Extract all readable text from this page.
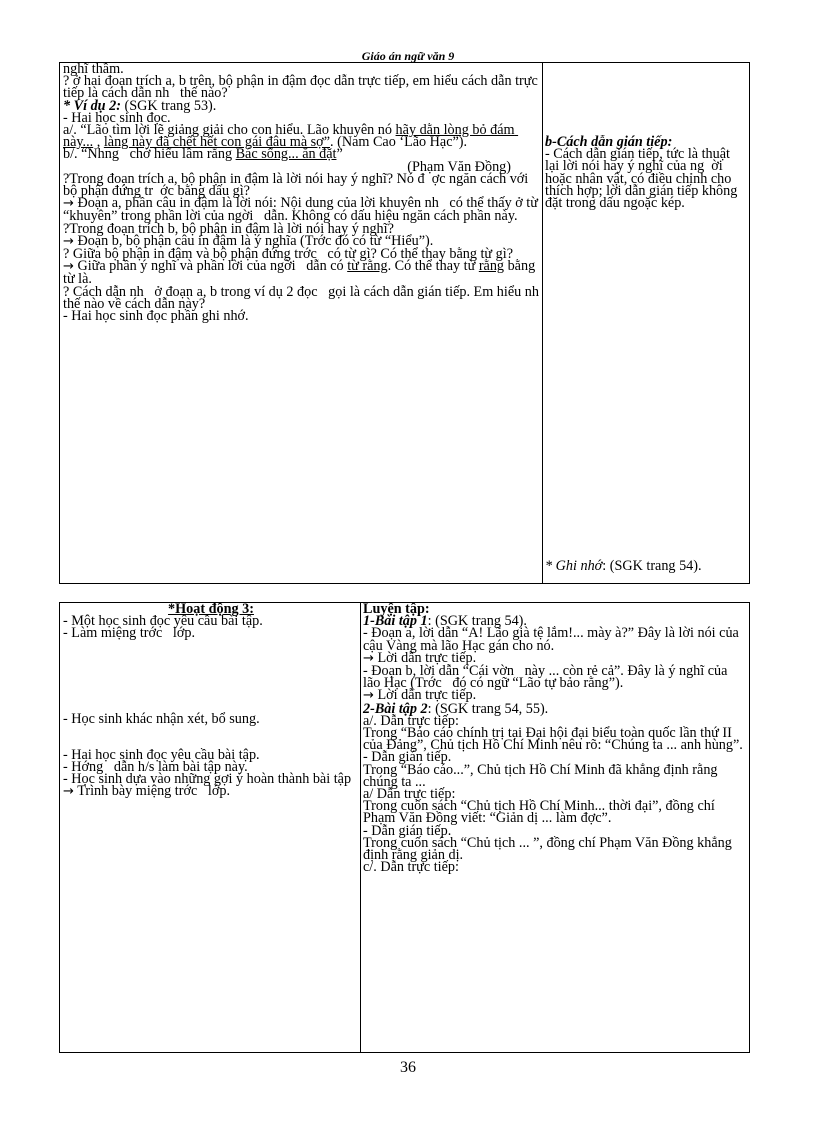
Giáo án ngữ văn 9

nghĩ thầm.

? ở hai đoạn trích a, b trên, bộ phận in đậm đọc dẫn trực tiếp, em hiểu cách dẫn trực tiếp là cách dẫn nh   thế nào?

* Ví dụ 2: (SGK trang 53).

- Hai học sinh đọc.

a/. “Lão tìm lời lẽ giảng giải cho con hiểu. Lão khuyên nó hãy dằn lòng bỏ đám này... , làng này đã chết hết con gái đâu mà sợ”. (Nam Cao ‘Lão Hạc”).

b/. “Nhng   chớ hiểu lầm rằng Bác sống... ăn đặt”

(Phạm Văn Đồng)

?Trong đoạn trích a, bộ phận in đậm là lời nói hay ý nghĩ? Nó đ  ợc ngăn cách với bộ phận đứng tr  ớc bằng dấu gì?

→ Đoạn a, phần câu in đậm là lời nói: Nội dung của lời khuyên nh   có thể thấy ở từ “khuyên” trong phần lời của ngời   dẫn. Không có dấu hiệu ngăn cách phần này.

?Trong đoạn trích b, bộ phận in đậm là lời nói hay ý nghĩ?

→ Đoạn b, bộ phận câu in đậm là ý nghĩa (Trớc đó có từ “Hiểu”).

? Giữa bộ phận in đậm và bộ phận đứng trớc   có từ gì? Có thể thay bằng từ gì?

→ Giữa phần ý nghĩ và phần lời của ngời   dẫn có từ rằng. Có thể thay từ rằng bằng từ là.

? Cách dẫn nh   ở đoạn a, b trong ví dụ 2 đọc   gọi là cách dẫn gián tiếp. Em hiểu nh   thế nào về cách dẫn này?

- Hai học sinh đọc phần ghi nhớ.

b-Cách dẫn gián tiếp:

- Cách dẫn gián tiếp, tức là thuật lại lời nói hay ý nghĩ của ng  ời hoặc nhân vật, có điều chỉnh cho thích hợp; lời dẫn gián tiếp không đặt trong dấu ngoặc kép.

* Ghi nhớ: (SGK trang 54).

*Hoạt động 3:

- Một học sinh đọc yêu cầu bài tập.

- Làm miệng trớc   lớp.

- Học sinh khác nhận xét, bổ sung.

- Hai học sinh đọc yêu cầu bài tập.

- Hớng   dẫn h/s làm bài tập này.

- Học sinh dựa vào những gợi ý hoàn thành bài tập → Trình bày miệng trớc   lớp.

Luyện tập:

1-Bài tập 1: (SGK trang 54).

- Đoạn a, lời dẫn “A! Lão già tệ lắm!... mày à?” Đây là lời nói của cậu Vàng mà lão Hạc gán cho nó.

→ Lời dẫn trực tiếp.

- Đoạn b, lời dẫn “Cái vờn   này ... còn rẻ cả”. Đây là ý nghĩ của lão Hạc (Trớc   đó có ngữ “Lão tự bảo rằng”).

→ Lời dẫn trực tiếp.

2-Bài tập 2: (SGK trang 54, 55).

a/. Dẫn trực tiếp:

Trong “Báo cáo chính trị tại Đại hội đại biểu toàn quốc lần thứ II của Đảng”, Chủ tịch Hồ Chí Minh nêu rõ: “Chúng ta ... anh hùng”.

- Dẫn gián tiếp.

Trong “Báo cáo...”, Chủ tịch Hồ Chí Minh đã khẳng định rằng chúng ta ...

a/ Dẫn trực tiếp:

Trong cuốn sách “Chủ tịch Hồ Chí Minh... thời đại”, đồng chí Phạm Văn Đồng viết: “Giản dị ... làm đợc”.

- Dẫn gián tiếp.

Trong cuốn sách “Chủ tịch ... ”, đồng chí Phạm Văn Đồng khẳng định rằng giản dị.

c/. Dẫn trực tiếp:

36
